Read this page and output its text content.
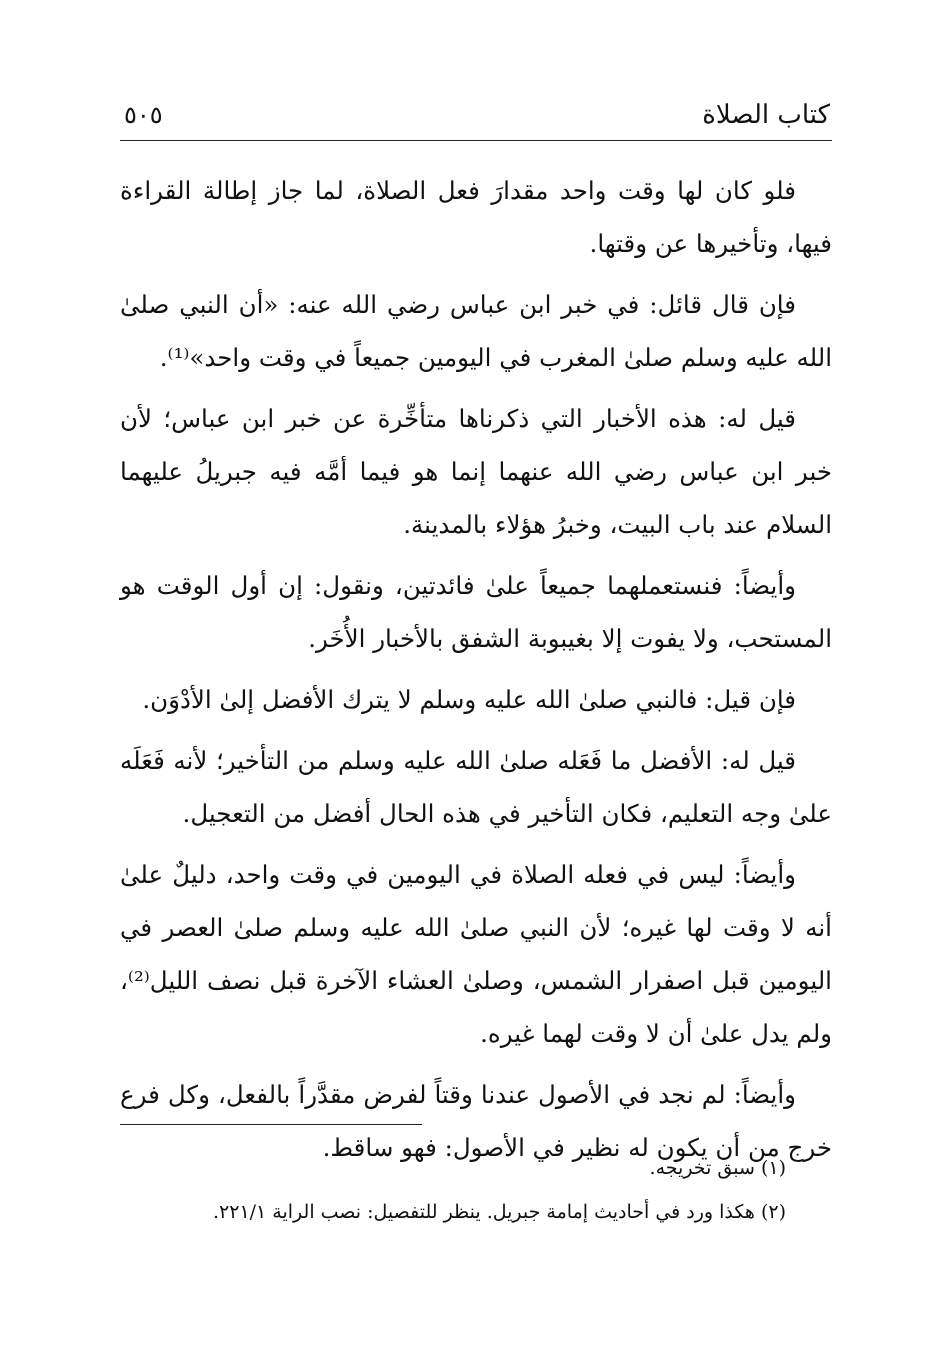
كتاب الصلاة
٥٠٥

فلو كان لها وقت واحد مقدارَ فعل الصلاة، لما جاز إطالة القراءة فيها، وتأخيرها عن وقتها.

فإن قال قائل: في خبر ابن عباس رضي الله عنه: «أن النبي صلىٰ الله عليه وسلم صلىٰ المغرب في اليومين جميعاً في وقت واحد»⁽¹⁾.

قيل له: هذه الأخبار التي ذكرناها متأخِّرة عن خبر ابن عباس؛ لأن خبر ابن عباس رضي الله عنهما إنما هو فيما أمَّه فيه جبريلُ عليهما السلام عند باب البيت، وخبرُ هؤلاء بالمدينة.

وأيضاً: فنستعملهما جميعاً علىٰ فائدتين، ونقول: إن أول الوقت هو المستحب، ولا يفوت إلا بغيبوبة الشفق بالأخبار الأُخَر.

فإن قيل: فالنبي صلىٰ الله عليه وسلم لا يترك الأفضل إلىٰ الأدْوَن.

قيل له: الأفضل ما فَعَله صلىٰ الله عليه وسلم من التأخير؛ لأنه فَعَلَه علىٰ وجه التعليم، فكان التأخير في هذه الحال أفضل من التعجيل.

وأيضاً: ليس في فعله الصلاة في اليومين في وقت واحد، دليلٌ علىٰ أنه لا وقت لها غيره؛ لأن النبي صلىٰ الله عليه وسلم صلىٰ العصر في اليومين قبل اصفرار الشمس، وصلىٰ العشاء الآخرة قبل نصف الليل⁽²⁾، ولم يدل علىٰ أن لا وقت لهما غيره.

وأيضاً: لم نجد في الأصول عندنا وقتاً لفرض مقدَّراً بالفعل، وكل فرع خرج من أن يكون له نظير في الأصول: فهو ساقط.

(١) سبق تخريجه.

(٢) هكذا ورد في أحاديث إمامة جبريل. ينظر للتفصيل: نصب الراية ٢٢١/١.
